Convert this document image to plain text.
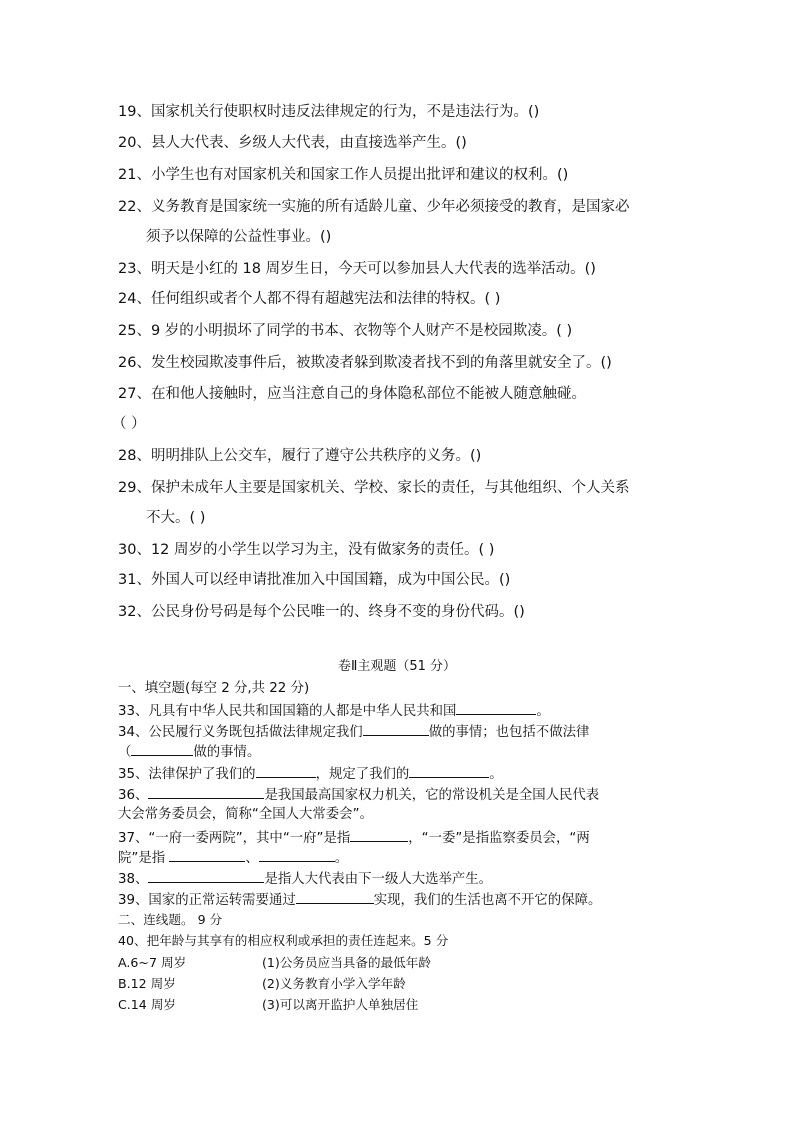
19、国家机关行使职权时违反法律规定的行为，不是违法行为。()
20、县人大代表、乡级人大代表，由直接选举产生。()
21、小学生也有对国家机关和国家工作人员提出批评和建议的权利。()
22、义务教育是国家统一实施的所有适龄儿童、少年必须接受的教育，是国家必
须予以保障的公益性事业。()
23、明天是小红的 18 周岁生日，今天可以参加县人大代表的选举活动。()
24、任何组织或者个人都不得有超越宪法和法律的特权。( )
25、9 岁的小明损坏了同学的书本、衣物等个人财产不是校园欺凌。( )
26、发生校园欺凌事件后，被欺凌者躲到欺凌者找不到的角落里就安全了。()
27、在和他人接触时，应当注意自己的身体隐私部位不能被人随意触碰。
（ ）
28、明明排队上公交车，履行了遵守公共秩序的义务。()
29、保护未成年人主要是国家机关、学校、家长的责任，与其他组织、个人关系
不大。( )
30、12 周岁的小学生以学习为主，没有做家务的责任。( )
31、外国人可以经申请批准加入中国国籍，成为中国公民。()
32、公民身份号码是每个公民唯一的、终身不变的身份代码。()
卷Ⅱ主观题（51 分）
一、填空题(每空 2 分,共 22 分)
33、凡具有中华人民共和国国籍的人都是中华人民共和国	。
34、公民履行义务既包括做法律规定我们	做的事情；也包括不做法律
（	做的事情。
35、法律保护了我们的	，规定了我们的	。
36、	是我国最高国家权力机关，它的常设机关是全国人民代表
大会常务委员会，简称“全国人大常委会”。
37、“一府一委两院”，其中“一府”是指	，“一委”是指监察委员会，“两
院”是指	、	。
38、	是指人大代表由下一级人大选举产生。
39、国家的正常运转需要通过	实现，我们的生活也离不开它的保障。
二、连线题。 9 分
40、把年龄与其享有的相应权利或承担的责任连起来。5 分
A.6~7 周岁	(1)公务员应当具备的最低年龄
B.12 周岁	(2)义务教育小学入学年龄
C.14 周岁	(3)可以离开监护人单独居住
